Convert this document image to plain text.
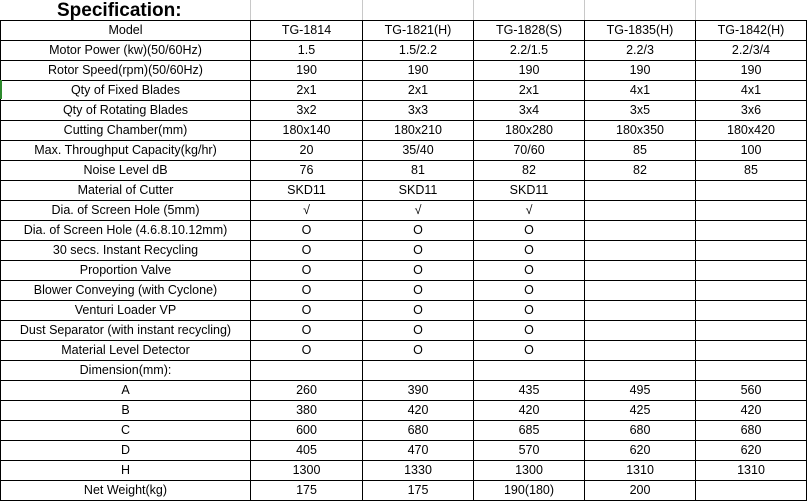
Specification:
Model	TG-1814	TG-1821(H)	TG-1828(S)	TG-1835(H)	TG-1842(H)
Motor Power (kw)(50/60Hz)	1.5	1.5/2.2	2.2/1.5	2.2/3	2.2/3/4
Rotor Speed(rpm)(50/60Hz)	190	190	190	190	190
Qty of Fixed Blades	2x1	2x1	2x1	4x1	4x1
Qty of Rotating Blades	3x2	3x3	3x4	3x5	3x6
Cutting Chamber(mm)	180x140	180x210	180x280	180x350	180x420
Max. Throughput Capacity(kg/hr)	20	35/40	70/60	85	100
Noise Level dB	76	81	82	82	85
Material of Cutter	SKD11	SKD11	SKD11		
Dia. of Screen Hole (5mm)	√	√	√		
Dia. of Screen Hole (4.6.8.10.12mm)	O	O	O		
30 secs. Instant Recycling	O	O	O		
Proportion Valve	O	O	O		
Blower Conveying (with Cyclone)	O	O	O		
Venturi Loader VP	O	O	O		
Dust Separator (with instant recycling)	O	O	O		
Material Level Detector	O	O	O		
Dimension(mm):					
A	260	390	435	495	560
B	380	420	420	425	420
C	600	680	685	680	680
D	405	470	570	620	620
H	1300	1330	1300	1310	1310
Net Weight(kg)	175	175	190(180)	200	
